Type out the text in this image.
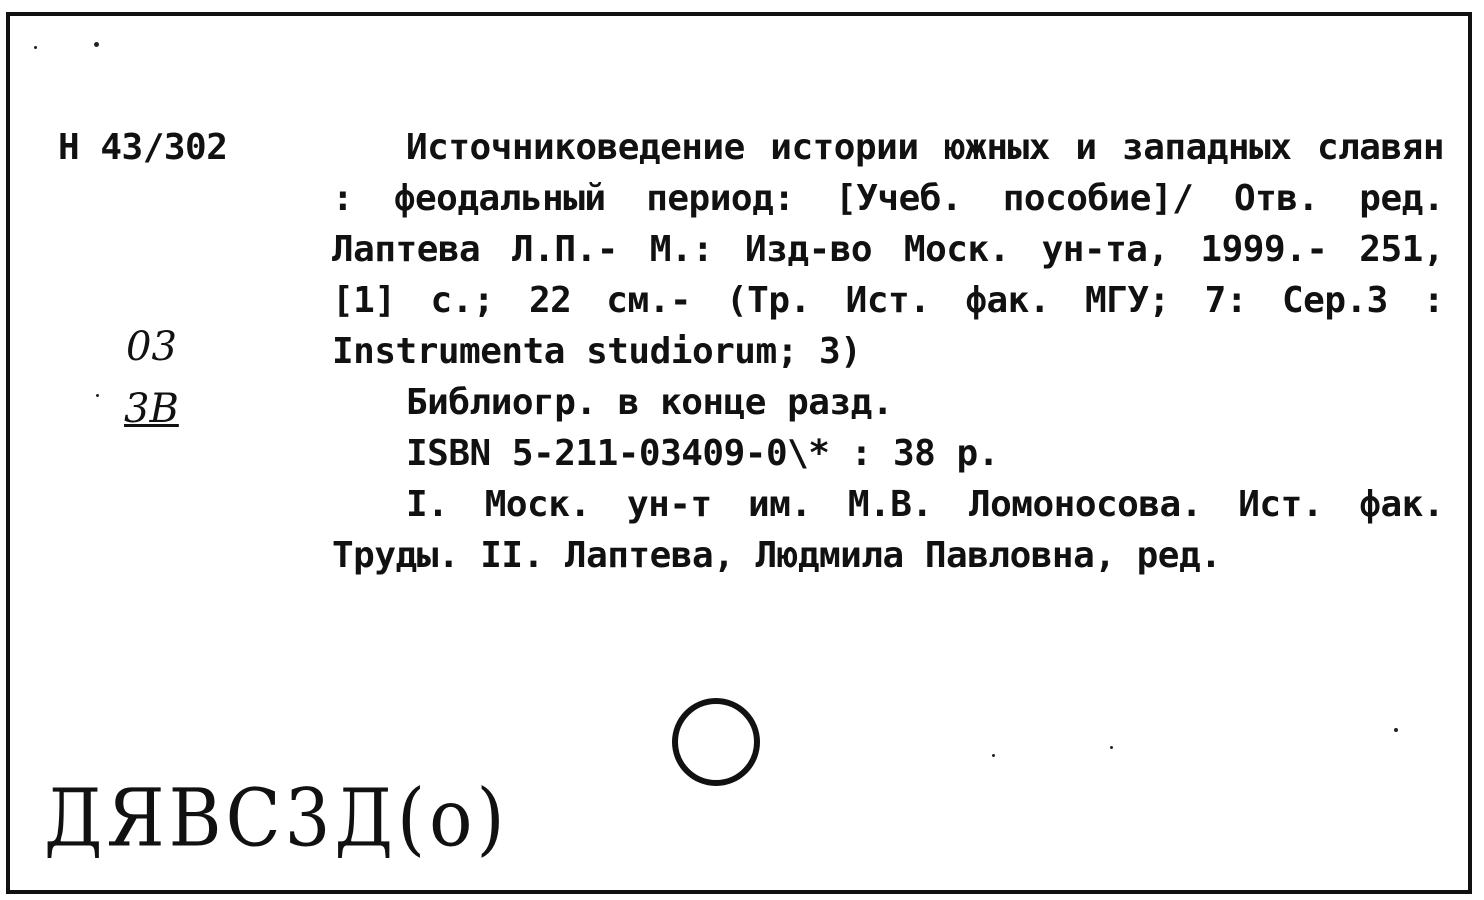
Н 43/302	Источниковедение истории южных и западных славян : феодальный период: [Учеб. пособие]/ Отв. ред. Лаптева Л.П.- М.: Изд-во Моск. ун-та, 1999.- 251, [1] с.; 22 см.- (Тр. Ист. фак. МГУ; 7: Сер.3 : Instrumenta studiorum; 3)

Библиогр. в конце разд.

ISBN 5-211-03409-0\* : 38 р.

I. Моск. ун-т им. М.В. Ломоносова. Ист. фак. Труды. II. Лаптева, Людмила Павловна, ред.

03
3В
ДЯВС3Д(о)
